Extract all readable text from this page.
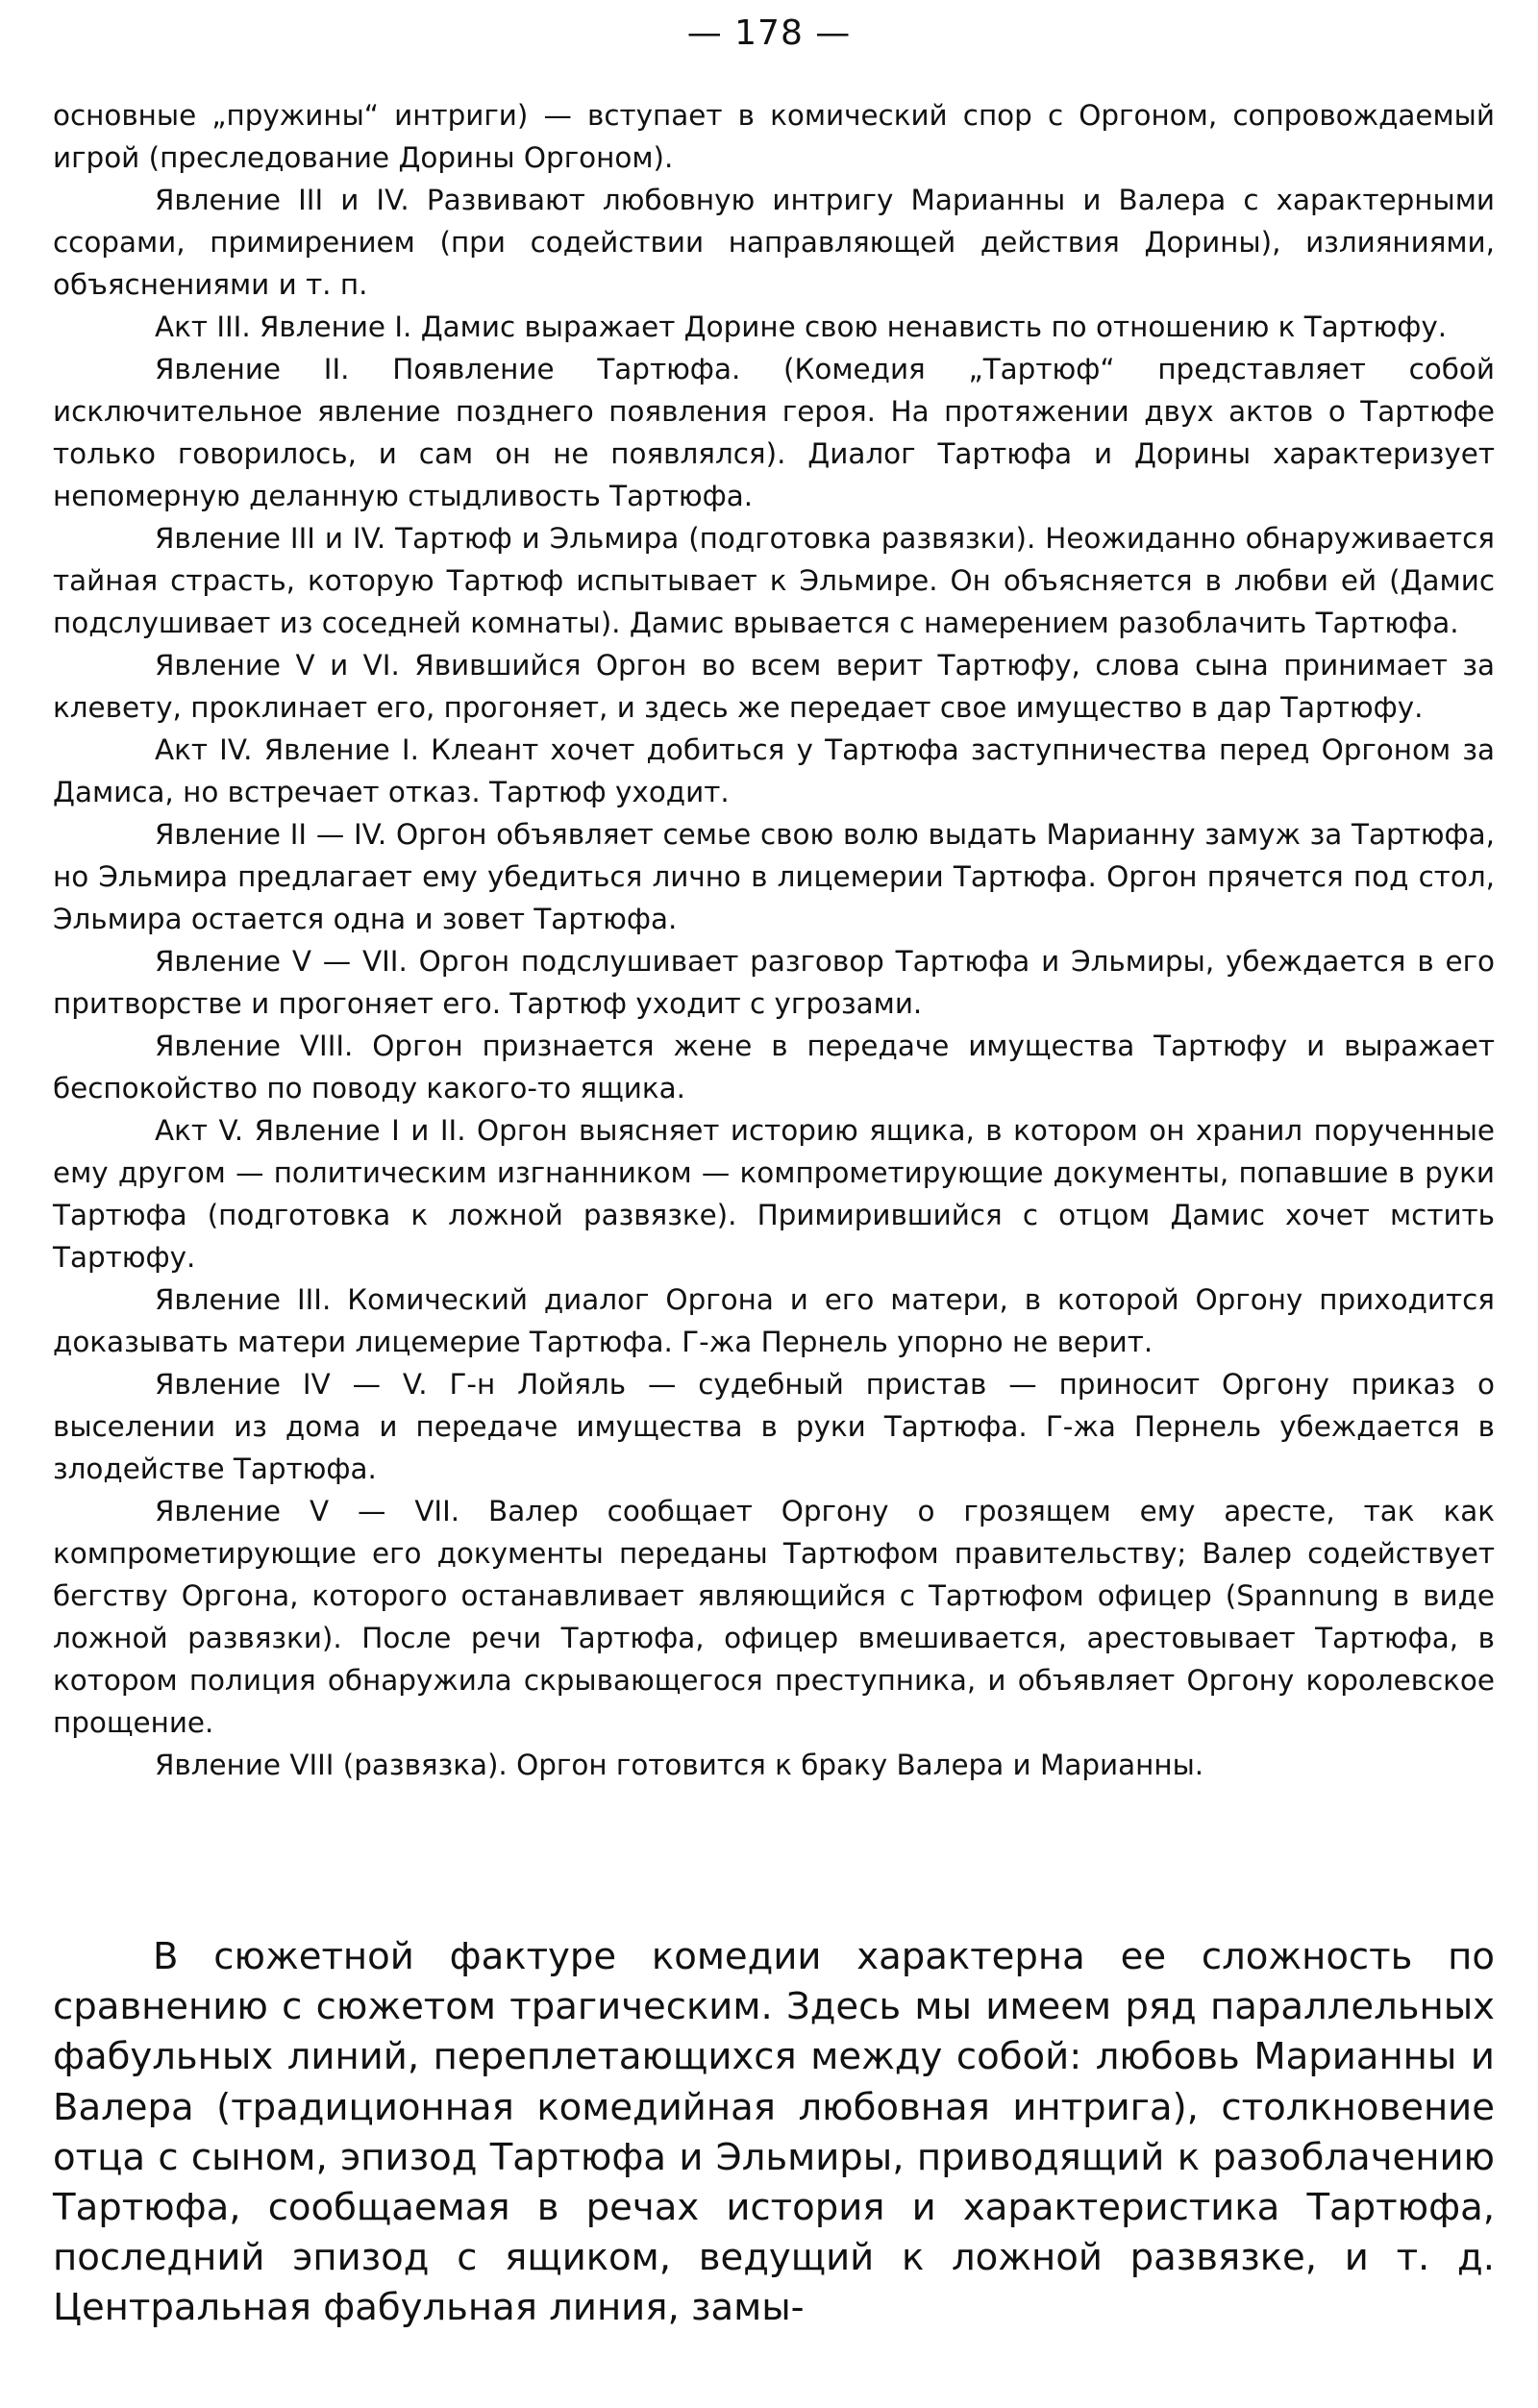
— 178 —

основные „пружины“ интриги) — вступает в комический спор с Оргоном, сопровождаемый игрой (преследование Дорины Оргоном).

Явление III и IV. Развивают любовную интригу Марианны и Валера с характерными ссорами, примирением (при содействии направляющей действия Дорины), излияниями, объяснениями и т. п.

Акт III. Явление I. Дамис выражает Дорине свою ненависть по отношению к Тартюфу.

Явление II. Появление Тартюфа. (Комедия „Тартюф“ представляет собой исключительное явление позднего появления героя. На протяжении двух актов о Тартюфе только говорилось, и сам он не появлялся). Диалог Тартюфа и Дорины характеризует непомерную деланную стыдливость Тартюфа.

Явление III и IV. Тартюф и Эльмира (подготовка развязки). Неожиданно обнаруживается тайная страсть, которую Тартюф испытывает к Эльмире. Он объясняется в любви ей (Дамис подслушивает из соседней комнаты). Дамис врывается с намерением разоблачить Тартюфа.

Явление V и VI. Явившийся Оргон во всем верит Тартюфу, слова сына принимает за клевету, проклинает его, прогоняет, и здесь же передает свое имущество в дар Тартюфу.

Акт IV. Явление I. Клеант хочет добиться у Тартюфа заступничества перед Оргоном за Дамиса, но встречает отказ. Тартюф уходит.

Явление II — IV. Оргон объявляет семье свою волю выдать Марианну замуж за Тартюфа, но Эльмира предлагает ему убедиться лично в лицемерии Тартюфа. Оргон прячется под стол, Эльмира остается одна и зовет Тартюфа.

Явление V — VII. Оргон подслушивает разговор Тартюфа и Эльмиры, убеждается в его притворстве и прогоняет его. Тартюф уходит с угрозами.

Явление VIII. Оргон признается жене в передаче имущества Тартюфу и выражает беспокойство по поводу какого-то ящика.

Акт V. Явление I и II. Оргон выясняет историю ящика, в котором он хранил порученные ему другом — политическим изгнанником — компрометирующие документы, попавшие в руки Тартюфа (подготовка к ложной развязке). Примирившийся с отцом Дамис хочет мстить Тартюфу.

Явление III. Комический диалог Оргона и его матери, в которой Оргону приходится доказывать матери лицемерие Тартюфа. Г-жа Пернель упорно не верит.

Явление IV — V. Г-н Лойяль — судебный пристав — приносит Оргону приказ о выселении из дома и передаче имущества в руки Тартюфа. Г-жа Пернель убеждается в злодействе Тартюфа.

Явление V — VII. Валер сообщает Оргону о грозящем ему аресте, так как компрометирующие его документы переданы Тартюфом правительству; Валер содействует бегству Оргона, которого останавливает являющийся с Тартюфом офицер (Spannung в виде ложной развязки). После речи Тартюфа, офицер вмешивается, арестовывает Тартюфа, в котором полиция обнаружила скрывающегося преступника, и объявляет Оргону королевское прощение.

Явление VIII (развязка). Оргон готовится к браку Валера и Марианны.

В сюжетной фактуре комедии характерна ее сложность по сравнению с сюжетом трагическим. Здесь мы имеем ряд параллельных фабульных линий, переплетающихся между собой: любовь Марианны и Валера (традиционная комедийная любовная интрига), столкновение отца с сыном, эпизод Тартюфа и Эльмиры, приводящий к разоблачению Тартюфа, сообщаемая в речах история и характеристика Тартюфа, последний эпизод с ящиком, ведущий к ложной развязке, и т. д. Центральная фабульная линия, замы-
